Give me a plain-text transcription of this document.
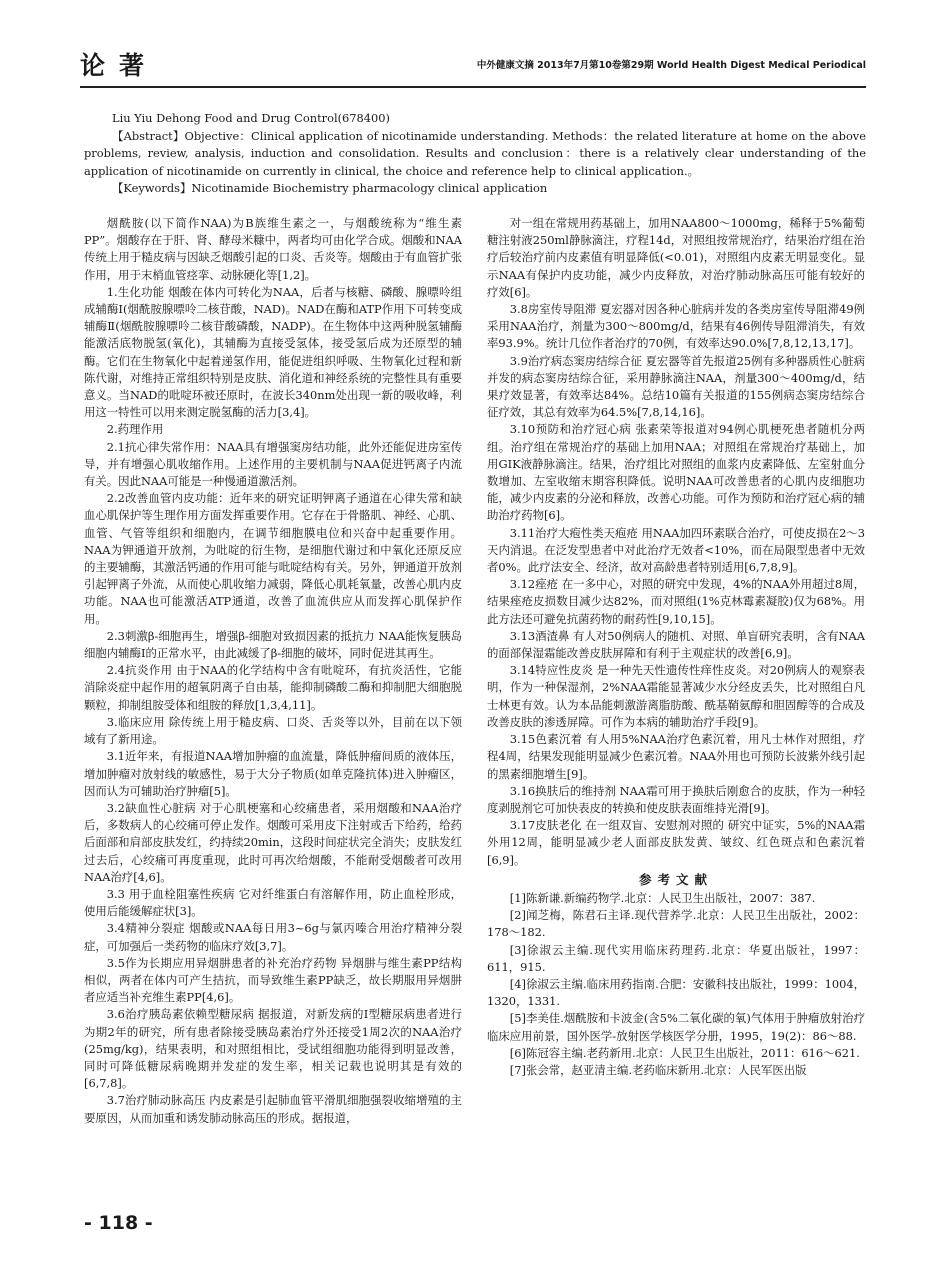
论著	中外健康文摘 2013年7月第10卷第29期 World Health Digest Medical Periodical

Liu Yiu Dehong Food and Drug Control(678400)

【Abstract】Objective：Clinical application of nicotinamide understanding. Methods：the related literature at home on the above problems, review, analysis, induction and consolidation. Results and conclusion：there is a relatively clear understanding of the application of nicotinamide on currently in clinical, the choice and reference help to clinical application.。

【Keywords】Nicotinamide Biochemistry pharmacology clinical application

烟酰胺(以下简作NAA)为B族维生素之一，与烟酸统称为“维生素PP”。烟酸存在于肝、肾、酵母米糠中，两者均可由化学合成。烟酸和NAA传统上用于糙皮病与因缺乏烟酸引起的口炎、舌炎等。烟酸由于有血管扩张作用，用于末梢血管痉挛、动脉硬化等[1,2]。

1.生化功能 烟酸在体内可转化为NAA，后者与核糖、磷酸、腺嘌呤组成辅酶Ⅰ(烟酰胺腺嘌呤二核苷酸，NAD)。NAD在酶和ATP作用下可转变成辅酶Ⅱ(烟酰胺腺嘌呤二核苷酸磷酸，NADP)。在生物体中这两种脱氢辅酶能激活底物脱氢(氧化)，其辅酶为直接受氢体，接受氢后成为还原型的辅酶。它们在生物氧化中起着递氢作用，能促进组织呼吸、生物氧化过程和新陈代谢，对维持正常组织特别是皮肤、消化道和神经系统的完整性具有重要意义。当NAD的吡啶环被还原时，在波长340nm处出现一新的吸收峰，利用这一特性可以用来测定脱氢酶的活力[3,4]。

2.药理作用

2.1抗心律失常作用：NAA具有增强窦房结功能，此外还能促进房室传导，并有增强心肌收缩作用。上述作用的主要机制与NAA促进钙离子内流有关。因此NAA可能是一种慢通道激活剂。

2.2改善血管内皮功能：近年来的研究证明钾离子通道在心律失常和缺血心肌保护等生理作用方面发挥重要作用。它存在于骨骼肌、神经、心肌、血管、气管等组织和细胞内，在调节细胞膜电位和兴奋中起重要作用。NAA为钾通道开放剂，为吡啶的衍生物，是细胞代谢过和中氧化还原反应的主要辅酶，其激活钙通的作用可能与吡啶结构有关。另外，钾通道开放剂引起钾离子外流，从而使心肌收缩力减弱，降低心肌耗氧量，改善心肌内皮功能。NAA也可能激活ATP通道，改善了血流供应从而发挥心肌保护作用。

2.3刺激β-细胞再生，增强β-细胞对致损因素的抵抗力 NAA能恢复胰岛细胞内辅酶Ⅰ的正常水平，由此减缓了β-细胞的破坏，同时促进其再生。

2.4抗炎作用 由于NAA的化学结构中含有吡啶环，有抗炎活性，它能消除炎症中起作用的超氧阴离子自由基，能抑制磷酸二酶和抑制肥大细胞脱颗粒，抑制组胺受体和组胺的释放[1,3,4,11]。

3.临床应用 除传统上用于糙皮病、口炎、舌炎等以外，目前在以下领域有了新用途。

3.1近年来，有报道NAA增加肿瘤的血流量，降低肿瘤间质的液体压，增加肿瘤对放射线的敏感性，易于大分子物质(如单克隆抗体)进入肿瘤区，因而认为可辅助治疗肿瘤[5]。

3.2缺血性心脏病 对于心肌梗塞和心绞痛患者，采用烟酸和NAA治疗后，多数病人的心绞痛可停止发作。烟酸可采用皮下注射或舌下给药，给药后面部和肩部皮肤发红，约持续20min，这段时间症状完全消失；皮肤发红过去后，心绞痛可再度重现，此时可再次给烟酸，不能耐受烟酸者可改用NAA治疗[4,6]。

3.3 用于血栓阻塞性疾病 它对纤维蛋白有溶解作用，防止血栓形成，使用后能缓解症状[3]。

3.4精神分裂症 烟酸或NAA每日用3~6g与氯丙嗪合用治疗精神分裂症，可加强后一类药物的临床疗效[3,7]。

3.5作为长期应用异烟肼患者的补充治疗药物 异烟肼与维生素PP结构相似，两者在体内可产生拮抗，而导致维生素PP缺乏，故长期服用异烟肼者应适当补充维生素PP[4,6]。

3.6治疗胰岛素依赖型糖尿病 据报道，对新发病的Ⅰ型糖尿病患者进行为期2年的研究，所有患者除接受胰岛素治疗外还接受1周2次的NAA治疗(25mg/kg)，结果表明，和对照组相比，受试组细胞功能得到明显改善，同时可降低糖尿病晚期并发症的发生率，相关记载也说明其是有效的[6,7,8]。

3.7治疗肺动脉高压 内皮素是引起肺血管平滑肌细胞强裂收缩增殖的主要原因，从而加重和诱发肺动脉高压的形成。据报道，

对一组在常规用药基础上，加用NAA800～1000mg，稀释于5%葡萄糖注射液250ml静脉滴注，疗程14d，对照组按常规治疗，结果治疗组在治疗后较治疗前内皮素值有明显降低(<0.01)，对照组内皮素无明显变化。显示NAA有保护内皮功能，减少内皮释放，对治疗肺动脉高压可能有较好的疗效[6]。

3.8房室传导阻滞 夏宏器对因各种心脏病并发的各类房室传导阻滞49例采用NAA治疗，剂量为300～800mg/d，结果有46例传导阻滞消失，有效率93.9%。统计几位作者治疗的70例，有效率达90.0%[7,8,12,13,17]。

3.9治疗病态窦房结综合征 夏宏器等首先报道25例有多种器质性心脏病并发的病态窦房结综合征，采用静脉滴注NAA，剂量300～400mg/d，结果疗效显著，有效率达84%。总结10篇有关报道的155例病态窦房结综合征疗效，其总有效率为64.5%[7,8,14,16]。

3.10预防和治疗冠心病 张素荣等报道对94例心肌梗死患者随机分两组。治疗组在常规治疗的基础上加用NAA；对照组在常规治疗基础上，加用GIK液静脉滴注。结果，治疗组比对照组的血浆内皮素降低、左室射血分数增加、左室收缩末期容积降低。说明NAA可改善患者的心肌内皮细胞功能，减少内皮素的分泌和释放，改善心功能。可作为预防和治疗冠心病的辅助治疗药物[6]。

3.11治疗大疱性类天疱疮 用NAA加四环素联合治疗，可使皮损在2～3天内消退。在泛发型患者中对此治疗无效者<10%，而在局限型患者中无效者0%。此疗法安全、经济，故对高龄患者特别适用[6,7,8,9]。

3.12痤疮 在一多中心，对照的研究中发现，4%的NAA外用超过8周，结果痤疮皮损数目减少达82%，而对照组(1%克林霉素凝胶)仅为68%。用此方法还可避免抗菌药物的耐药性[9,10,15]。

3.13酒渣鼻 有人对50例病人的随机、对照、单盲研究表明，含有NAA的面部保湿霜能改善皮肤屏障和有利于主观症状的改善[6,9]。

3.14特应性皮炎 是一种先天性遗传性痒性皮炎。对20例病人的观察表明，作为一种保湿剂，2%NAA霜能显著减少水分经皮丢失，比对照组白凡士林更有效。认为本品能刺激游离脂肪酸、酰基鞘氨醇和胆固醇等的合成及改善皮肤的渗透屏障。可作为本病的辅助治疗手段[9]。

3.15色素沉着 有人用5%NAA治疗色素沉着，用凡士林作对照组，疗程4周，结果发现能明显减少色素沉着。NAA外用也可预防长波紫外线引起的黑素细胞增生[9]。

3.16换肤后的维持剂 NAA霜可用于换肤后刚愈合的皮肤，作为一种轻度剥脱剂它可加快表皮的转换和使皮肤表面维持光滑[9]。

3.17皮肤老化 在一组双盲、安慰剂对照的 研究中证实，5%的NAA霜外用12周，能明显减少老人面部皮肤发黄、皱纹、红色斑点和色素沉着[6,9]。

参考文献

[1]陈新谦.新编药物学.北京：人民卫生出版社，2007：387.

[2]闻芝梅，陈君石主译.现代营养学.北京：人民卫生出版社，2002：178～182.

[3]徐淑云主编.现代实用临床药理药.北京：华夏出版社，1997：611，915.

[4]徐淑云主编.临床用药指南.合肥：安徽科技出版社，1999：1004，1320，1331.

[5]李美佳.烟酰胺和卡波金(含5%二氧化碳的氧)气体用于肿瘤放射治疗临床应用前景，国外医学-放射医学核医学分册，1995，19(2)：86～88.

[6]陈冠容主编.老药新用.北京：人民卫生出版社，2011：616～621.

[7]张会常，赵亚清主编.老药临床新用.北京：人民军医出版

- 118 -
